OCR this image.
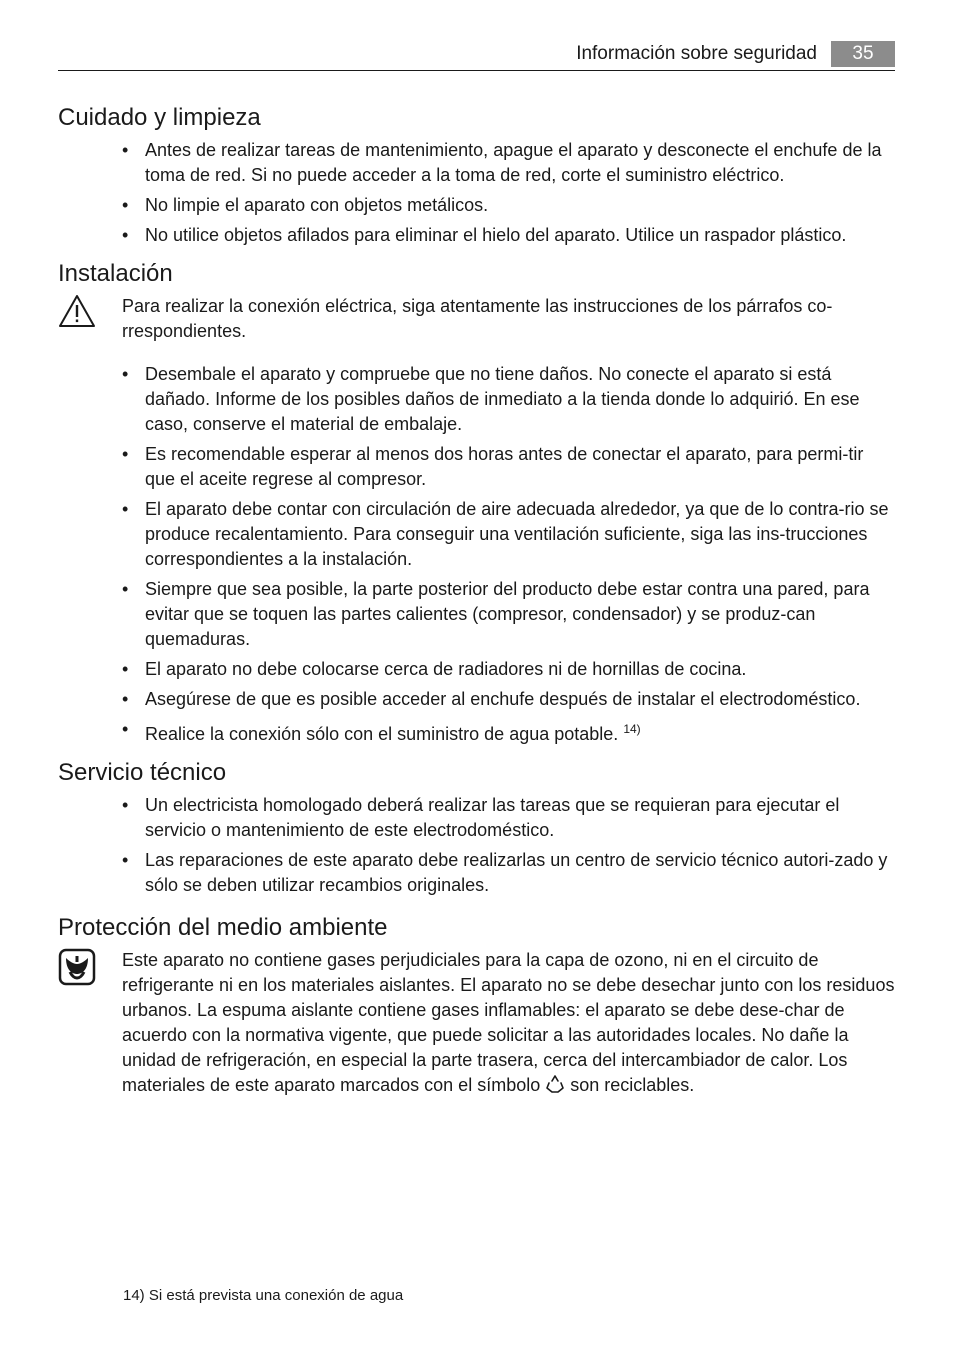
Información sobre seguridad	35
Cuidado y limpieza
• Antes de realizar tareas de mantenimiento, apague el aparato y desconecte el enchufe de la toma de red. Si no puede acceder a la toma de red, corte el suministro eléctrico.
• No limpie el aparato con objetos metálicos.
• No utilice objetos afilados para eliminar el hielo del aparato. Utilice un raspador plástico.
Instalación

Para realizar la conexión eléctrica, siga atentamente las instrucciones de los párrafos co-rrespondientes.

• Desembale el aparato y compruebe que no tiene daños. No conecte el aparato si está dañado. Informe de los posibles daños de inmediato a la tienda donde lo adquirió. En ese caso, conserve el material de embalaje.
• Es recomendable esperar al menos dos horas antes de conectar el aparato, para permi-tir que el aceite regrese al compresor.
• El aparato debe contar con circulación de aire adecuada alrededor, ya que de lo contra-rio se produce recalentamiento. Para conseguir una ventilación suficiente, siga las ins-trucciones correspondientes a la instalación.
• Siempre que sea posible, la parte posterior del producto debe estar contra una pared, para evitar que se toquen las partes calientes (compresor, condensador) y se produz-can quemaduras.
• El aparato no debe colocarse cerca de radiadores ni de hornillas de cocina.
• Asegúrese de que es posible acceder al enchufe después de instalar el electrodoméstico.
• Realice la conexión sólo con el suministro de agua potable. $^{14)}$
Servicio técnico
• Un electricista homologado deberá realizar las tareas que se requieran para ejecutar el servicio o mantenimiento de este electrodoméstico.
• Las reparaciones de este aparato debe realizarlas un centro de servicio técnico autori-zado y sólo se deben utilizar recambios originales.
Protección del medio ambiente

Este aparato no contiene gases perjudiciales para la capa de ozono, ni en el circuito de refrigerante ni en los materiales aislantes. El aparato no se debe desechar junto con los residuos urbanos. La espuma aislante contiene gases inflamables: el aparato se debe dese-char de acuerdo con la normativa vigente, que puede solicitar a las autoridades locales. No dañe la unidad de refrigeración, en especial la parte trasera, cerca del intercambiador de calor. Los materiales de este aparato marcados con el símbolo son reciclables.

14) Si está prevista una conexión de agua
